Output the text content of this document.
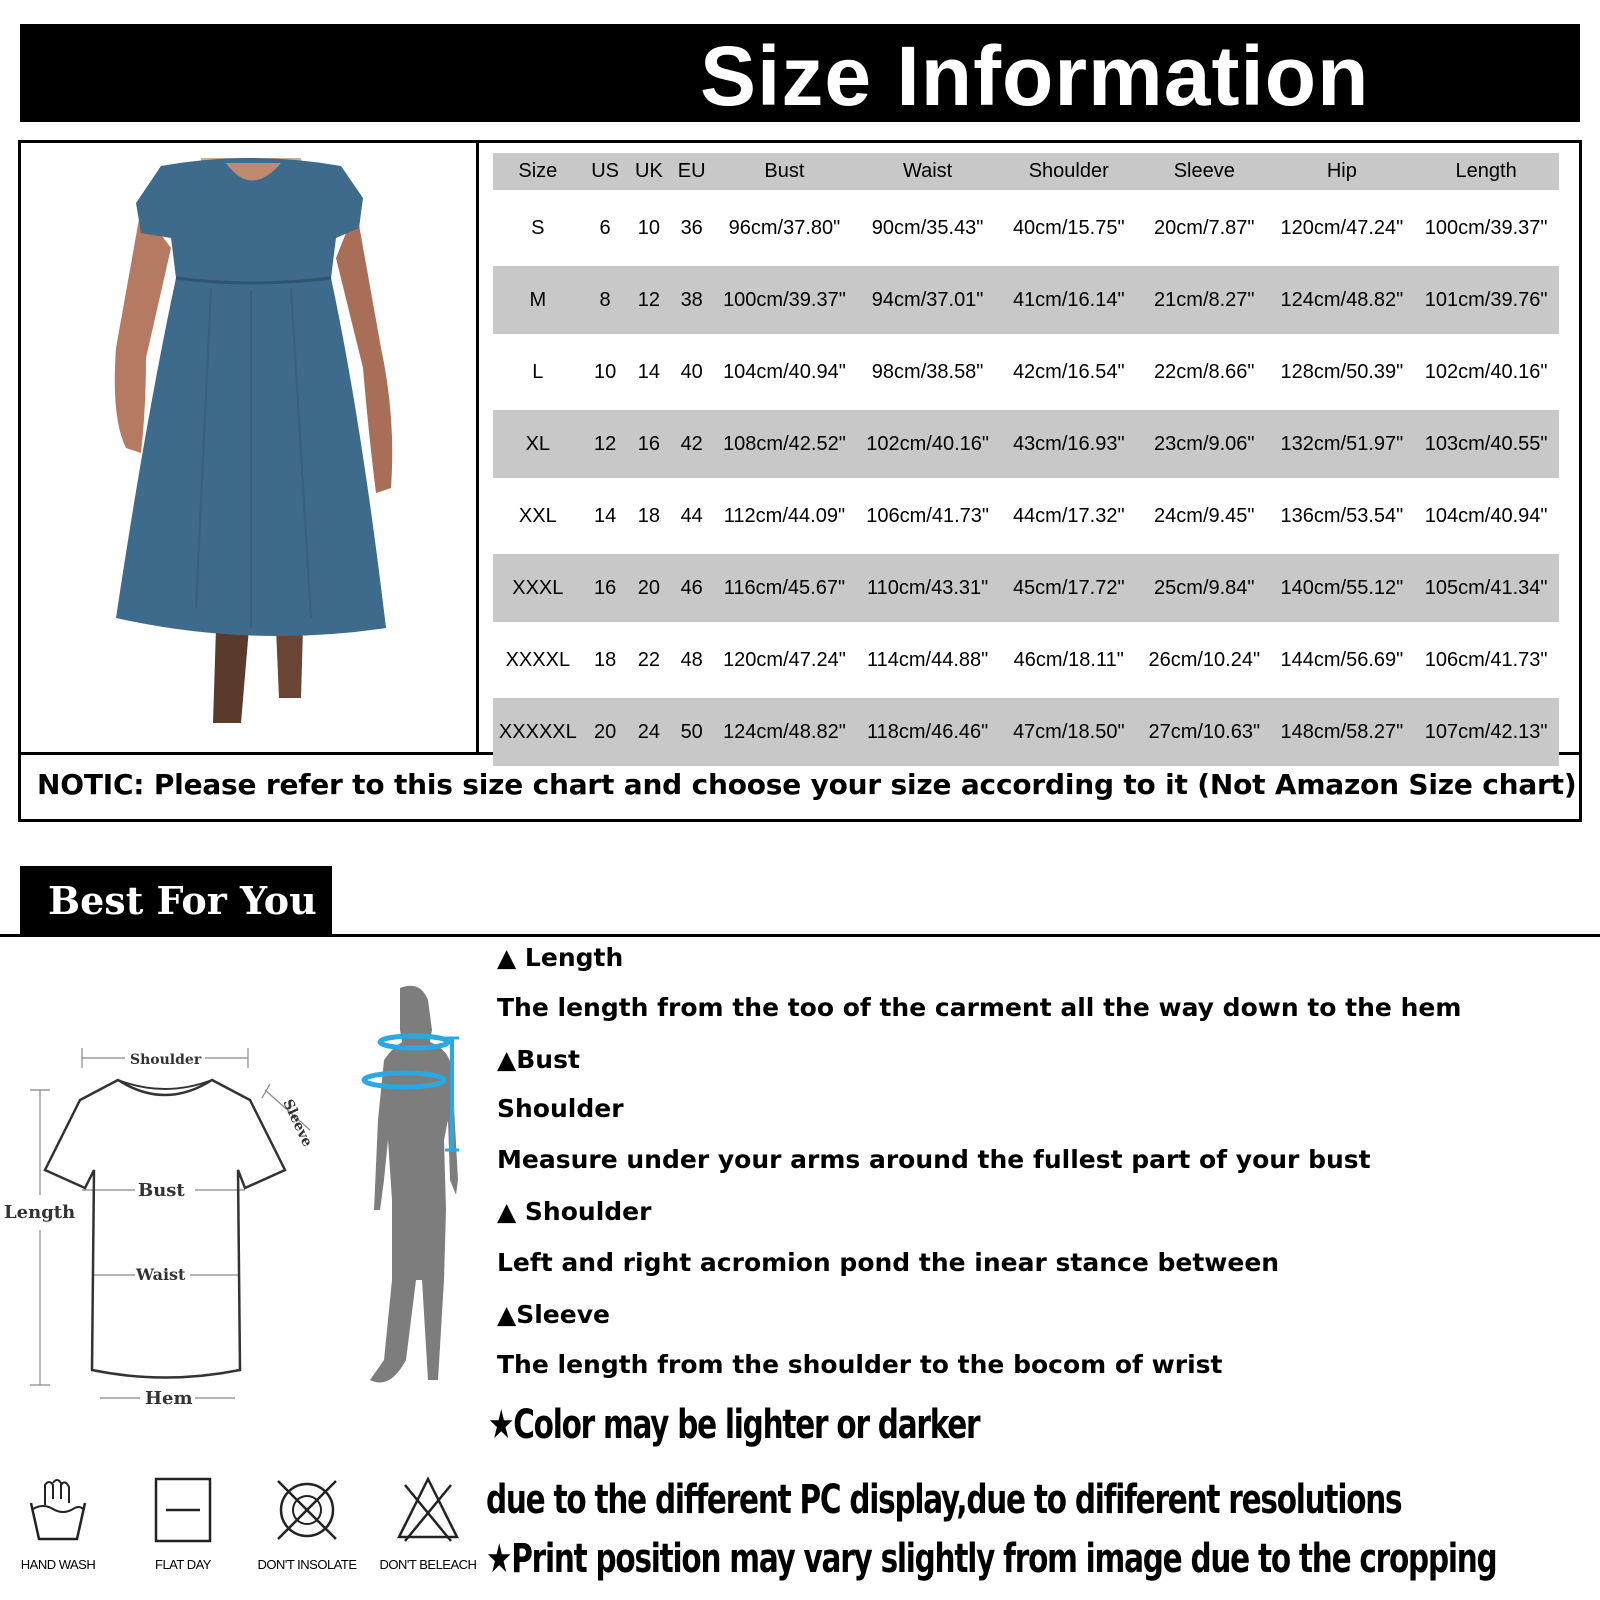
Size Information
Size	US	UK	EU	Bust	Waist	Shoulder	Sleeve	Hip	Length

S	6	10	36	96cm/37.80"	90cm/35.43"	40cm/15.75"	20cm/7.87"	120cm/47.24"	100cm/39.37"

M	8	12	38	100cm/39.37"	94cm/37.01"	41cm/16.14"	21cm/8.27"	124cm/48.82"	101cm/39.76"

L	10	14	40	104cm/40.94"	98cm/38.58"	42cm/16.54"	22cm/8.66"	128cm/50.39"	102cm/40.16"

XL	12	16	42	108cm/42.52"	102cm/40.16"	43cm/16.93"	23cm/9.06"	132cm/51.97"	103cm/40.55"

XXL	14	18	44	112cm/44.09"	106cm/41.73"	44cm/17.32"	24cm/9.45"	136cm/53.54"	104cm/40.94"

XXXL	16	20	46	116cm/45.67"	110cm/43.31"	45cm/17.72"	25cm/9.84"	140cm/55.12"	105cm/41.34"

XXXXL	18	22	48	120cm/47.24"	114cm/44.88"	46cm/18.11"	26cm/10.24"	144cm/56.69"	106cm/41.73"

XXXXXL	20	24	50	124cm/48.82"	118cm/46.46"	47cm/18.50"	27cm/10.63"	148cm/58.27"	107cm/42.13"
NOTIC: Please refer to this size chart and choose your size according to it (Not Amazon Size chart)
Best For You
Shoulder
Sleeve
Bust
Length
Waist
Hem
▲ Length
The length from the too of the carment all the way down to the hem
▲Bust
Shoulder
Measure under your arms around the fullest part of your bust
▲ Shoulder
Left and right acromion pond the inear stance between
▲Sleeve
The length from the shoulder to the bocom of wrist
★Color may be lighter or darker
due to the different PC display,due to dififerent resolutions
★Print position may vary slightly from image due to the cropping
HAND WASH	FLAT DAY	DON'T INSOLATE DON'T BELEACH
